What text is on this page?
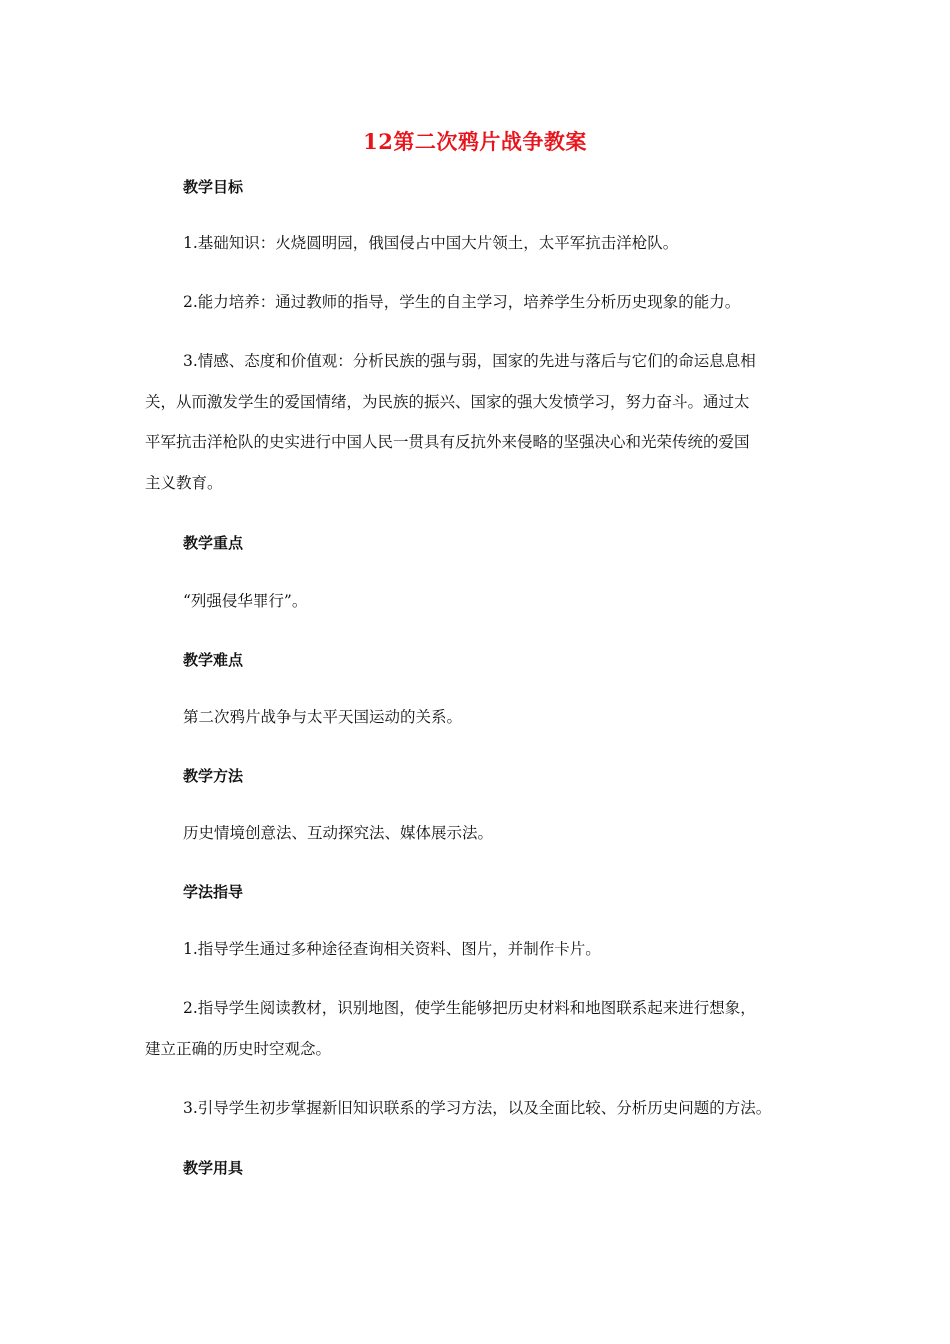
12第二次鸦片战争教案
教学目标
1.基础知识：火烧圆明园，俄国侵占中国大片领土，太平军抗击洋枪队。
2.能力培养：通过教师的指导，学生的自主学习，培养学生分析历史现象的能力。
3.情感、态度和价值观：分析民族的强与弱，国家的先进与落后与它们的命运息息相
关，从而激发学生的爱国情绪，为民族的振兴、国家的强大发愤学习，努力奋斗。通过太
平军抗击洋枪队的史实进行中国人民一贯具有反抗外来侵略的坚强决心和光荣传统的爱国
主义教育。
教学重点
“列强侵华罪行”。
教学难点
第二次鸦片战争与太平天国运动的关系。
教学方法
历史情境创意法、互动探究法、媒体展示法。
学法指导
1.指导学生通过多种途径查询相关资料、图片，并制作卡片。
2.指导学生阅读教材，识别地图，使学生能够把历史材料和地图联系起来进行想象，
建立正确的历史时空观念。
3.引导学生初步掌握新旧知识联系的学习方法，以及全面比较、分析历史问题的方法。
教学用具
